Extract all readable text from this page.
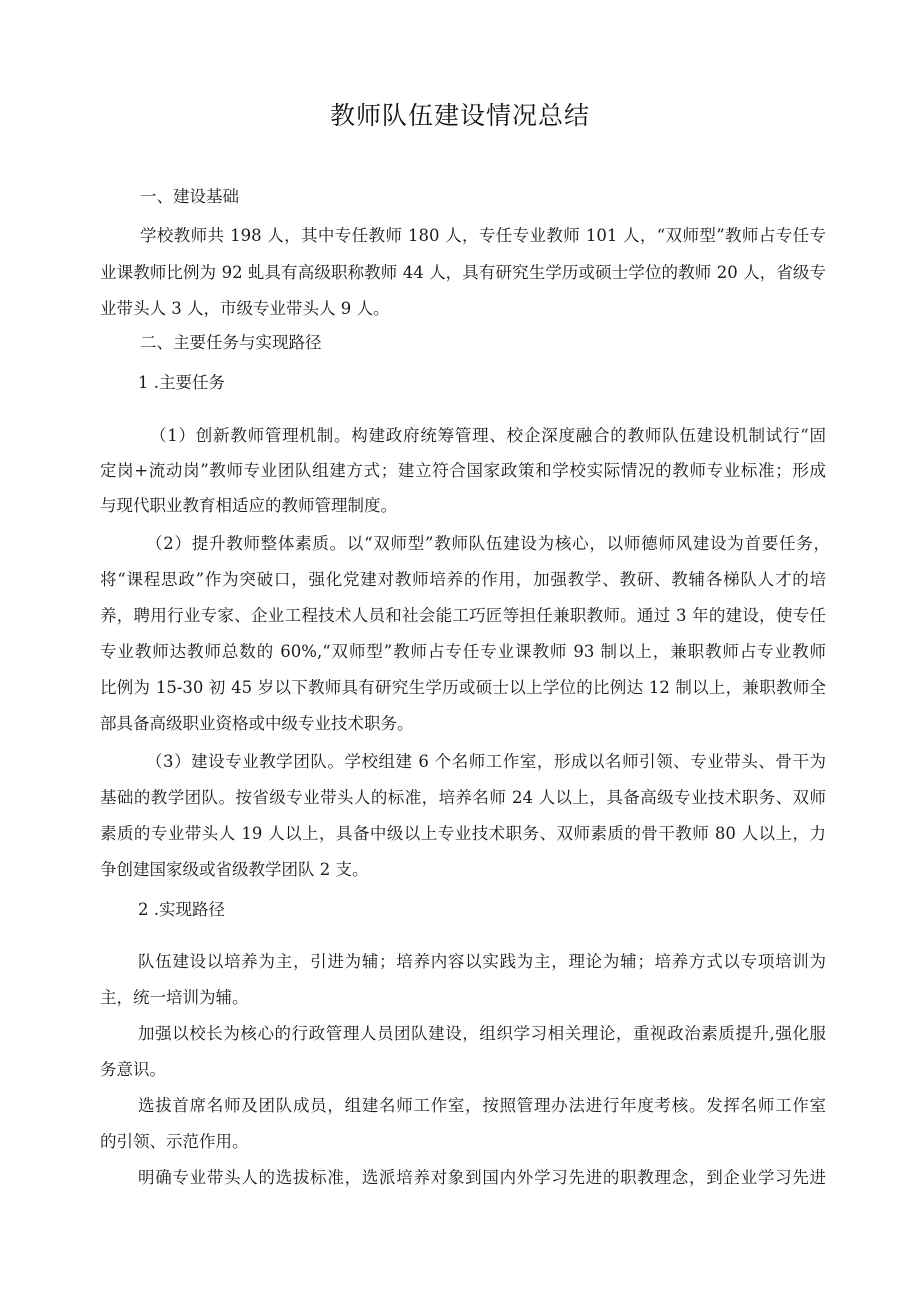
教师队伍建设情况总结

一、建设基础

学校教师共 198 人，其中专任教师 180 人，专任专业教师 101 人，“双师型”教师占专任专

业课教师比例为 92 虬具有高级职称教师 44 人，具有研究生学历或硕士学位的教师 20 人，省级专

业带头人 3 人，市级专业带头人 9 人。

二、主要任务与实现路径

1 .主要任务

（1）创新教师管理机制。构建政府统筹管理、校企深度融合的教师队伍建设机制试行“固

定岗+流动岗”教师专业团队组建方式；建立符合国家政策和学校实际情况的教师专业标准；形成

与现代职业教育相适应的教师管理制度。

（2）提升教师整体素质。以“双师型”教师队伍建设为核心，以师德师风建设为首要任务，

将“课程思政”作为突破口，强化党建对教师培养的作用，加强教学、教研、教辅各梯队人才的培

养，聘用行业专家、企业工程技术人员和社会能工巧匠等担任兼职教师。通过 3 年的建设，使专任

专业教师达教师总数的 60%,“双师型”教师占专任专业课教师 93 制以上，兼职教师占专业教师

比例为 15-30 初 45 岁以下教师具有研究生学历或硕士以上学位的比例达 12 制以上，兼职教师全

部具备高级职业资格或中级专业技术职务。

（3）建设专业教学团队。学校组建 6 个名师工作室，形成以名师引领、专业带头、骨干为

基础的教学团队。按省级专业带头人的标准，培养名师 24 人以上，具备高级专业技术职务、双师

素质的专业带头人 19 人以上，具备中级以上专业技术职务、双师素质的骨干教师 80 人以上，力

争创建国家级或省级教学团队 2 支。

2 .实现路径

队伍建设以培养为主，引进为辅；培养内容以实践为主，理论为辅；培养方式以专项培训为

主，统一培训为辅。

加强以校长为核心的行政管理人员团队建设，组织学习相关理论，重视政治素质提升,强化服

务意识。

选拔首席名师及团队成员，组建名师工作室，按照管理办法进行年度考核。发挥名师工作室

的引领、示范作用。

明确专业带头人的选拔标准，选派培养对象到国内外学习先进的职教理念，到企业学习先进
